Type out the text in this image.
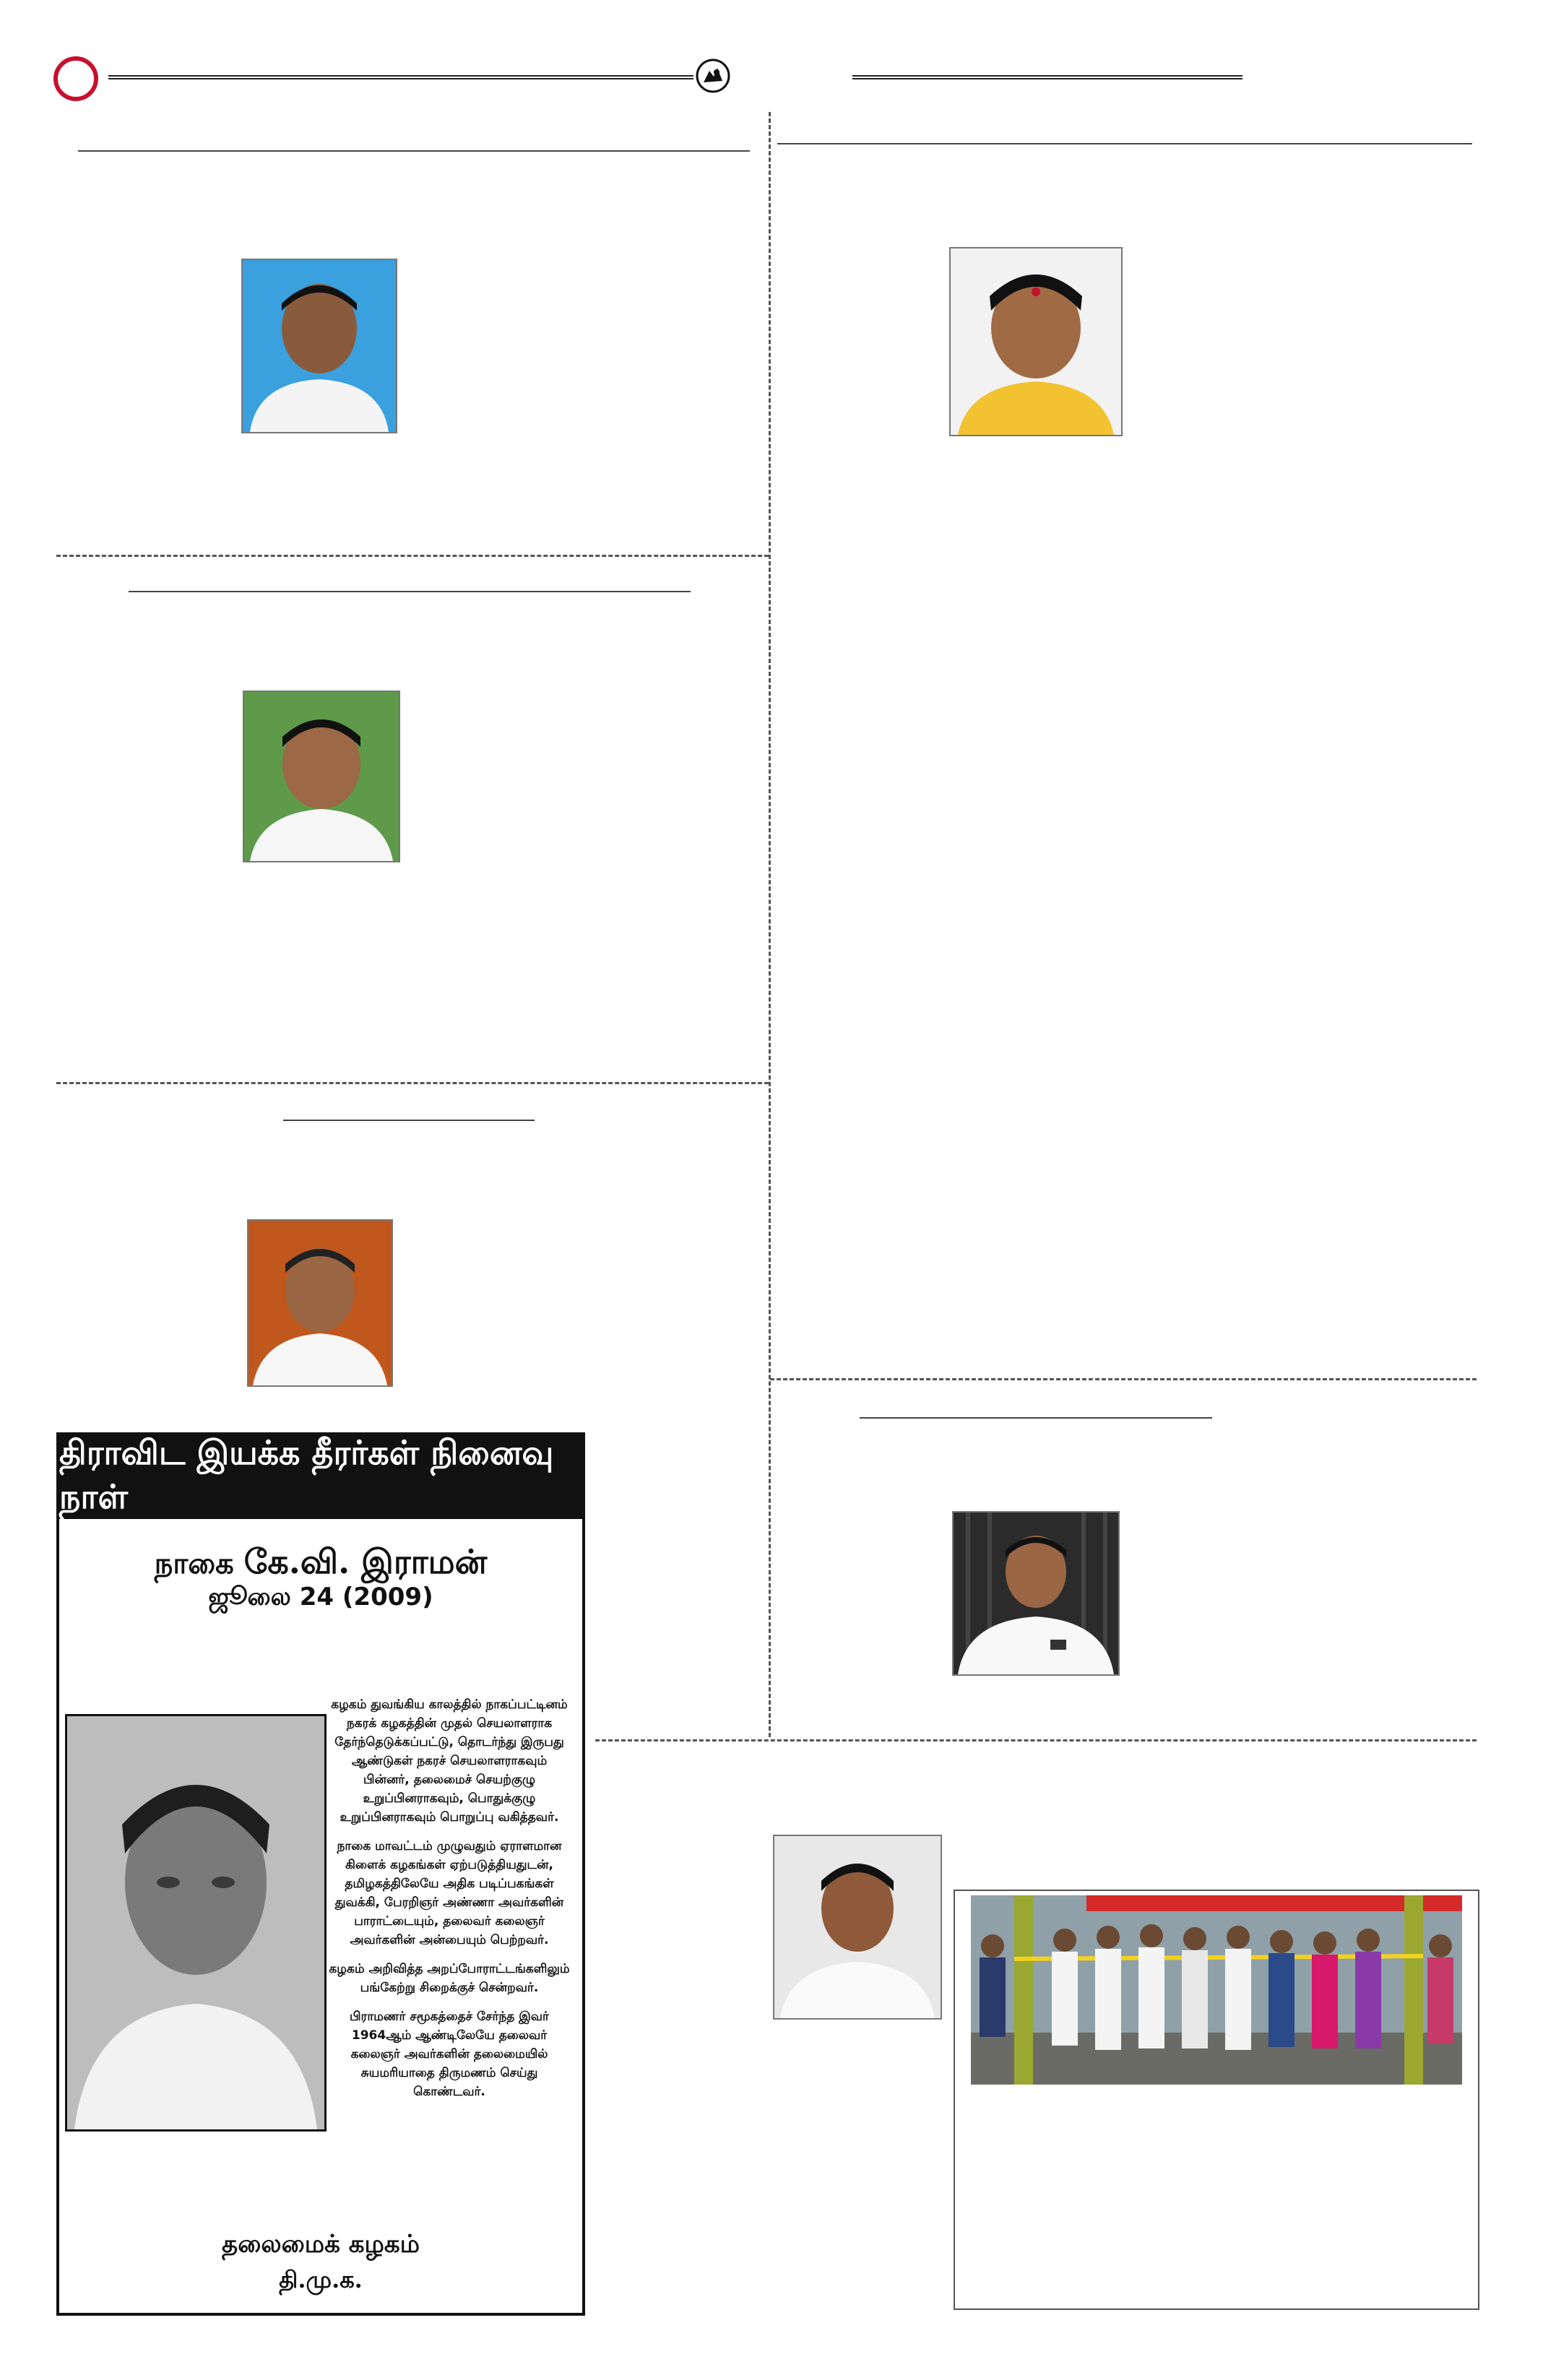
திராவிட இயக்க தீரர்கள் நினைவு நாள்
நாகை கே.வி. இராமன்
ஜூலை 24 (2009)

கழகம் துவங்கிய காலத்தில் நாகப்பட்டினம் நகரக் கழகத்தின் முதல் செயலாளராக தேர்ந்தெடுக்கப்பட்டு, தொடர்ந்து இருபது ஆண்டுகள் நகரச் செயலாளராகவும் பின்னர், தலைமைச் செயற்குழு உறுப்பினராகவும், பொதுக்குழு உறுப்பினராகவும் பொறுப்பு வகித்தவர்.

நாகை மாவட்டம் முழுவதும் ஏராளமான கிளைக் கழகங்கள் ஏற்படுத்தியதுடன், தமிழகத்திலேயே அதிக படிப்பகங்கள் துவக்கி, பேரறிஞர் அண்ணா அவர்களின் பாராட்டையும், தலைவர் கலைஞர் அவர்களின் அன்பையும் பெற்றவர்.

கழகம் அறிவித்த அறப்போராட்டங்களிலும் பங்கேற்று சிறைக்குச் சென்றவர்.

பிராமணர் சமூகத்தைச் சேர்ந்த இவர் 1964ஆம் ஆண்டிலேயே தலைவர் கலைஞர் அவர்களின் தலைமையில் சுயமரியாதை திருமணம் செய்து கொண்டவர்.

தலைமைக் கழகம்
தி.மு.க.
